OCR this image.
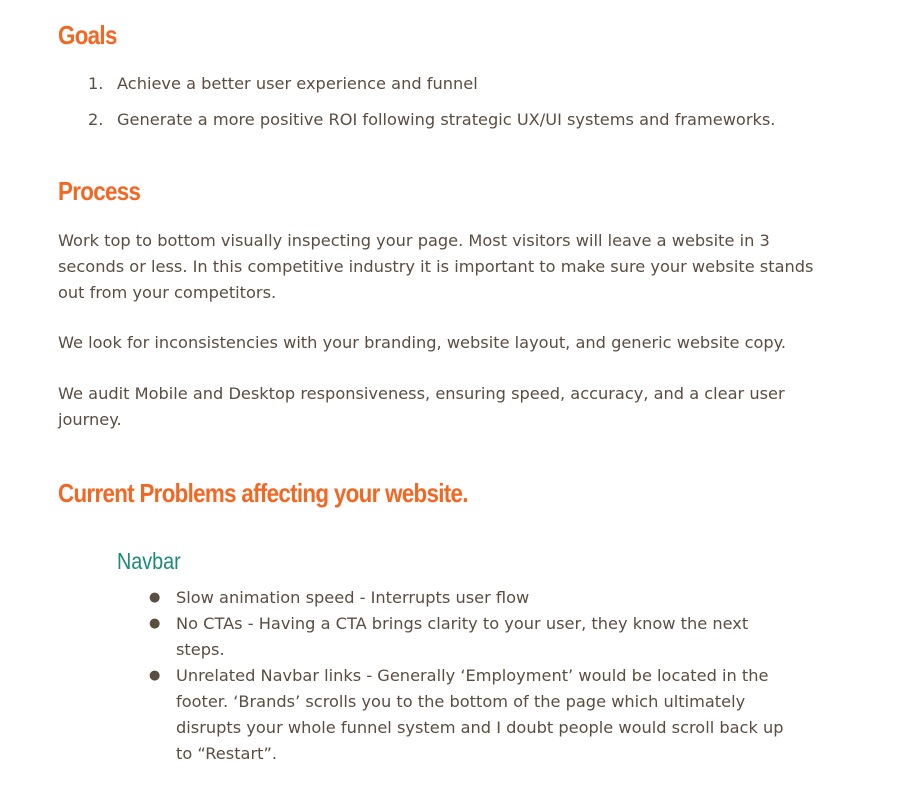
Goals
1. Achieve a better user experience and funnel
2. Generate a more positive ROI following strategic UX/UI systems and frameworks.
Process

Work top to bottom visually inspecting your page. Most visitors will leave a website in 3 seconds or less. In this competitive industry it is important to make sure your website stands out from your competitors.

We look for inconsistencies with your branding, website layout, and generic website copy.

We audit Mobile and Desktop responsiveness, ensuring speed, accuracy, and a clear user journey.

Current Problems affecting your website.
Navbar
● Slow animation speed - Interrupts user flow
● No CTAs - Having a CTA brings clarity to your user, they know the next steps.
● Unrelated Navbar links - Generally ‘Employment’ would be located in the footer. ‘Brands’ scrolls you to the bottom of the page which ultimately disrupts your whole funnel system and I doubt people would scroll back up to “Restart”.
